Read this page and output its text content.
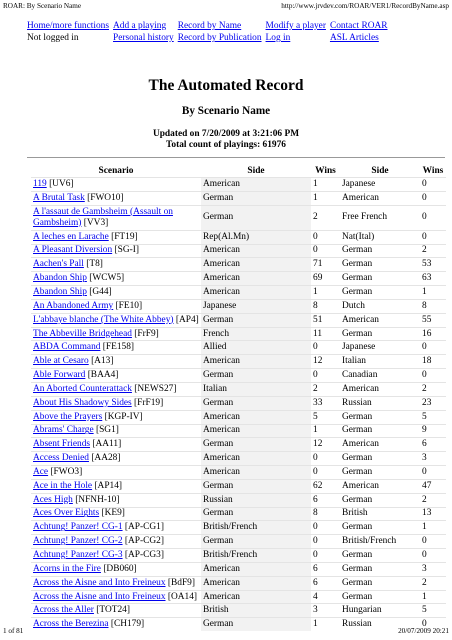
ROAR: By Scenario Name	http://www.jrvdev.com/ROAR/VER1/RecordByName.asp
Home/more functions	Add a playing	Record by Name	Modify a player	Contact ROAR
Not logged in	Personal history	Record by Publication	Log in	ASL Articles
The Automated Record
By Scenario Name
Updated on 7/20/2009 at 3:21:06 PM
Total count of playings: 61976
Scenario	Side	Wins	Side	Wins
119 [UV6]	American	1	Japanese	0
A Brutal Task [FWO10]	German	1	American	0
A l'assaut de Gambsheim (Assault on Gambsheim) [VV3]	German	2	Free French	0
A leches en Larache [FT19]	Rep(Al.Mn)	0	Nat(Ital)	0
A Pleasant Diversion [SG-I]	American	0	German	2
Aachen's Pall [T8]	American	71	German	53
Abandon Ship [WCW5]	American	69	German	63
Abandon Ship [G44]	American	1	German	1
An Abandoned Army [FE10]	Japanese	8	Dutch	8
L'abbaye blanche (The White Abbey) [AP4]	German	51	American	55
The Abbeville Bridgehead [FrF9]	French	11	German	16
ABDA Command [FE158]	Allied	0	Japanese	0
Able at Cesaro [A13]	American	12	Italian	18
Able Forward [BAA4]	German	0	Canadian	0
An Aborted Counterattack [NEWS27]	Italian	2	American	2
About His Shadowy Sides [FrF19]	German	33	Russian	23
Above the Prayers [KGP-IV]	American	5	German	5
Abrams' Charge [SG1]	American	1	German	9
Absent Friends [AA11]	German	12	American	6
Access Denied [AA28]	American	0	German	3
Ace [FWO3]	American	0	German	0
Ace in the Hole [AP14]	German	62	American	47
Aces High [NFNH-10]	Russian	6	German	2
Aces Over Eights [KE9]	German	8	British	13
Achtung! Panzer! CG-1 [AP-CG1]	British/French	0	German	1
Achtung! Panzer! CG-2 [AP-CG2]	German	0	British/French	0
Achtung! Panzer! CG-3 [AP-CG3]	British/French	0	German	0
Acorns in the Fire [DB060]	American	6	German	3
Across the Aisne and Into Freineux [BdF9]	American	6	German	2
Across the Aisne and Into Freineux [OA14]	American	4	German	1
Across the Aller [TOT24]	British	3	Hungarian	5
Across the Berezina [CH179]	German	1	Russian	0
1 of 81	20/07/2009 20:21
